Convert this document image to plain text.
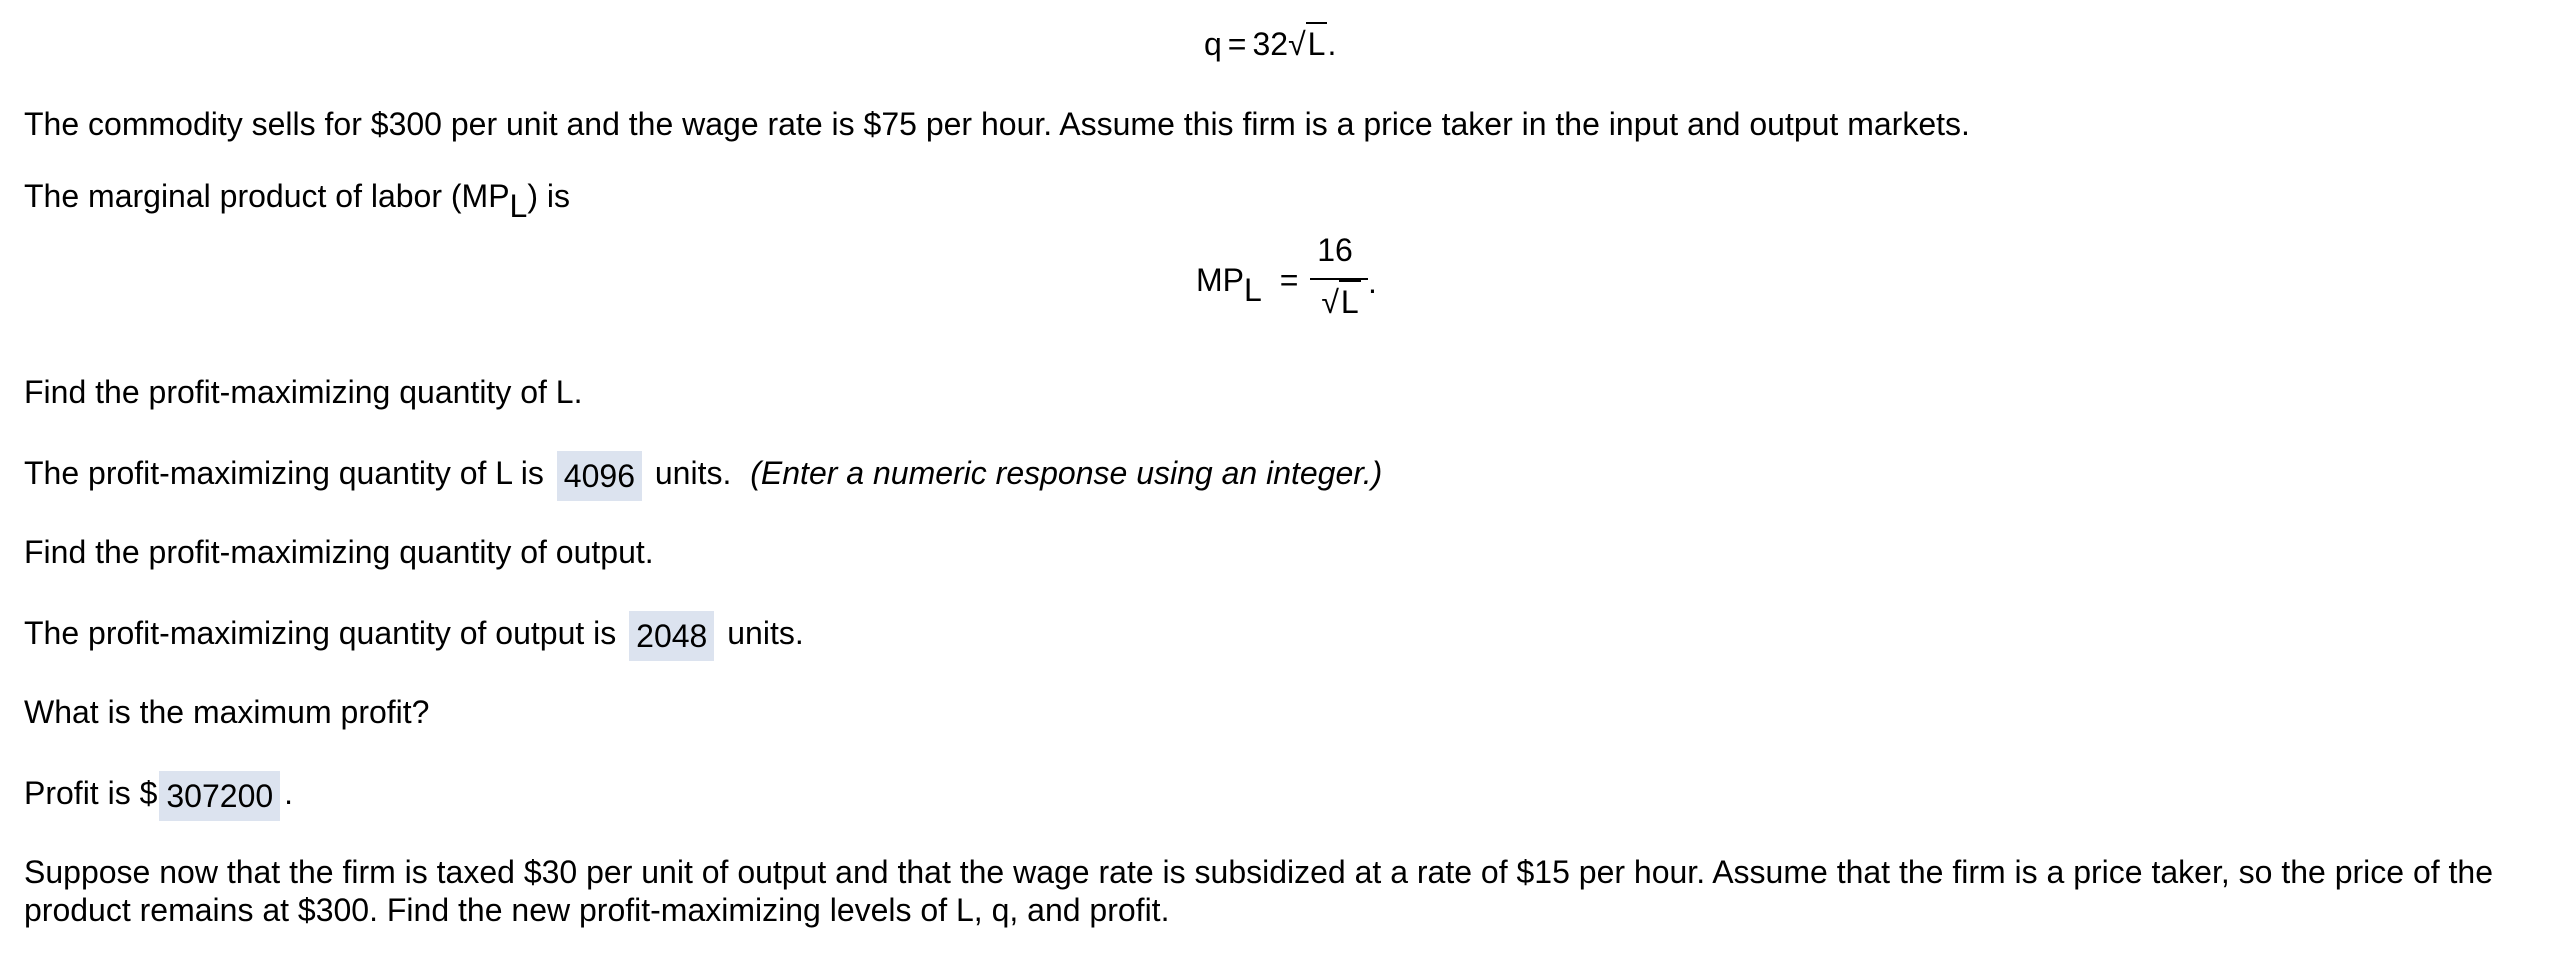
q = 32√L.
The commodity sells for $300 per unit and the wage rate is $75 per hour. Assume this firm is a price taker in the input and output markets.
The marginal product of labor $(MP_L)$ is
$MP_L$ =
16
√L
.
Find the profit-maximizing quantity of L.
The profit-maximizing quantity of L is 4096 units. (Enter a numeric response using an integer.)
Find the profit-maximizing quantity of output.
The profit-maximizing quantity of output is 2048 units.
What is the maximum profit?
Profit is $ 307200 .
Suppose now that the firm is taxed $30 per unit of output and that the wage rate is subsidized at a rate of $15 per hour. Assume that the firm is a price taker, so the price of the
product remains at $300. Find the new profit-maximizing levels of L, q, and profit.
